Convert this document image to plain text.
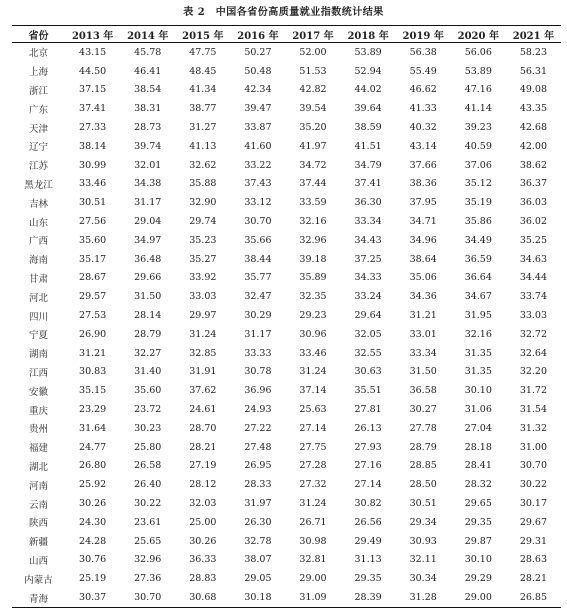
表 2　中国各省份高质量就业指数统计结果
省份	2013 年	2014 年	2015 年	2016 年	2017 年	2018 年	2019 年	2020 年	2021 年
北京	43.15	45.78	47.75	50.27	52.00	53.89	56.38	56.06	58.23
上海	44.50	46.41	48.45	50.48	51.53	52.94	55.49	53.89	56.31
浙江	37.15	38.54	41.34	42.34	42.82	44.02	46.62	47.16	49.08
广东	37.41	38.31	38.77	39.47	39.54	39.64	41.33	41.14	43.35
天津	27.33	28.73	31.27	33.87	35.20	38.59	40.32	39.23	42.68
辽宁	38.14	39.74	41.13	41.60	41.97	41.51	43.14	40.59	42.00
江苏	30.99	32.01	32.62	33.22	34.72	34.79	37.66	37.06	38.62
黑龙江	33.46	34.38	35.88	37.43	37.44	37.41	38.36	35.12	36.37
吉林	30.51	31.17	32.90	33.12	33.59	36.30	37.95	35.19	36.03
山东	27.56	29.04	29.74	30.70	32.16	33.34	34.71	35.86	36.02
广西	35.60	34.97	35.23	35.66	32.96	34.43	34.96	34.49	35.25
海南	35.17	36.48	35.27	38.44	39.18	37.25	38.64	36.59	34.63
甘肃	28.67	29.66	33.92	35.77	35.89	34.33	35.06	36.64	34.44
河北	29.57	31.50	33.03	32.47	32.35	33.24	34.36	34.67	33.74
四川	27.53	28.14	29.97	30.29	29.23	29.64	31.21	31.95	33.03
宁夏	26.90	28.79	31.24	31.17	30.96	32.05	33.01	32.16	32.72
湖南	31.21	32.27	32.85	33.33	33.46	32.55	33.34	31.35	32.64
江西	30.83	31.40	31.91	30.78	31.24	30.63	31.50	31.35	32.20
安徽	35.15	35.60	37.62	36.96	37.14	35.51	36.58	30.10	31.72
重庆	23.29	23.72	24.61	24.93	25.63	27.81	30.27	31.06	31.54
贵州	31.64	30.23	28.70	27.22	27.14	26.13	27.78	27.04	31.32
福建	24.77	25.80	28.21	27.48	27.75	27.93	28.79	28.18	31.00
湖北	26.80	26.58	27.19	26.95	27.28	27.16	28.85	28.41	30.70
河南	25.92	26.40	28.12	28.33	27.32	27.14	28.50	28.32	30.22
云南	30.26	30.22	32.03	31.97	31.24	30.82	30.51	29.65	30.17
陕西	24.30	23.61	25.00	26.30	26.71	26.56	29.34	29.35	29.67
新疆	24.28	25.65	30.26	32.78	30.98	29.49	30.93	29.87	29.31
山西	30.76	32.96	36.33	38.07	32.81	31.13	32.11	30.10	28.63
内蒙古	25.19	27.36	28.83	29.05	29.00	29.35	30.34	29.29	28.21
青海	30.37	30.70	30.68	30.18	31.09	28.39	31.28	29.00	26.85
